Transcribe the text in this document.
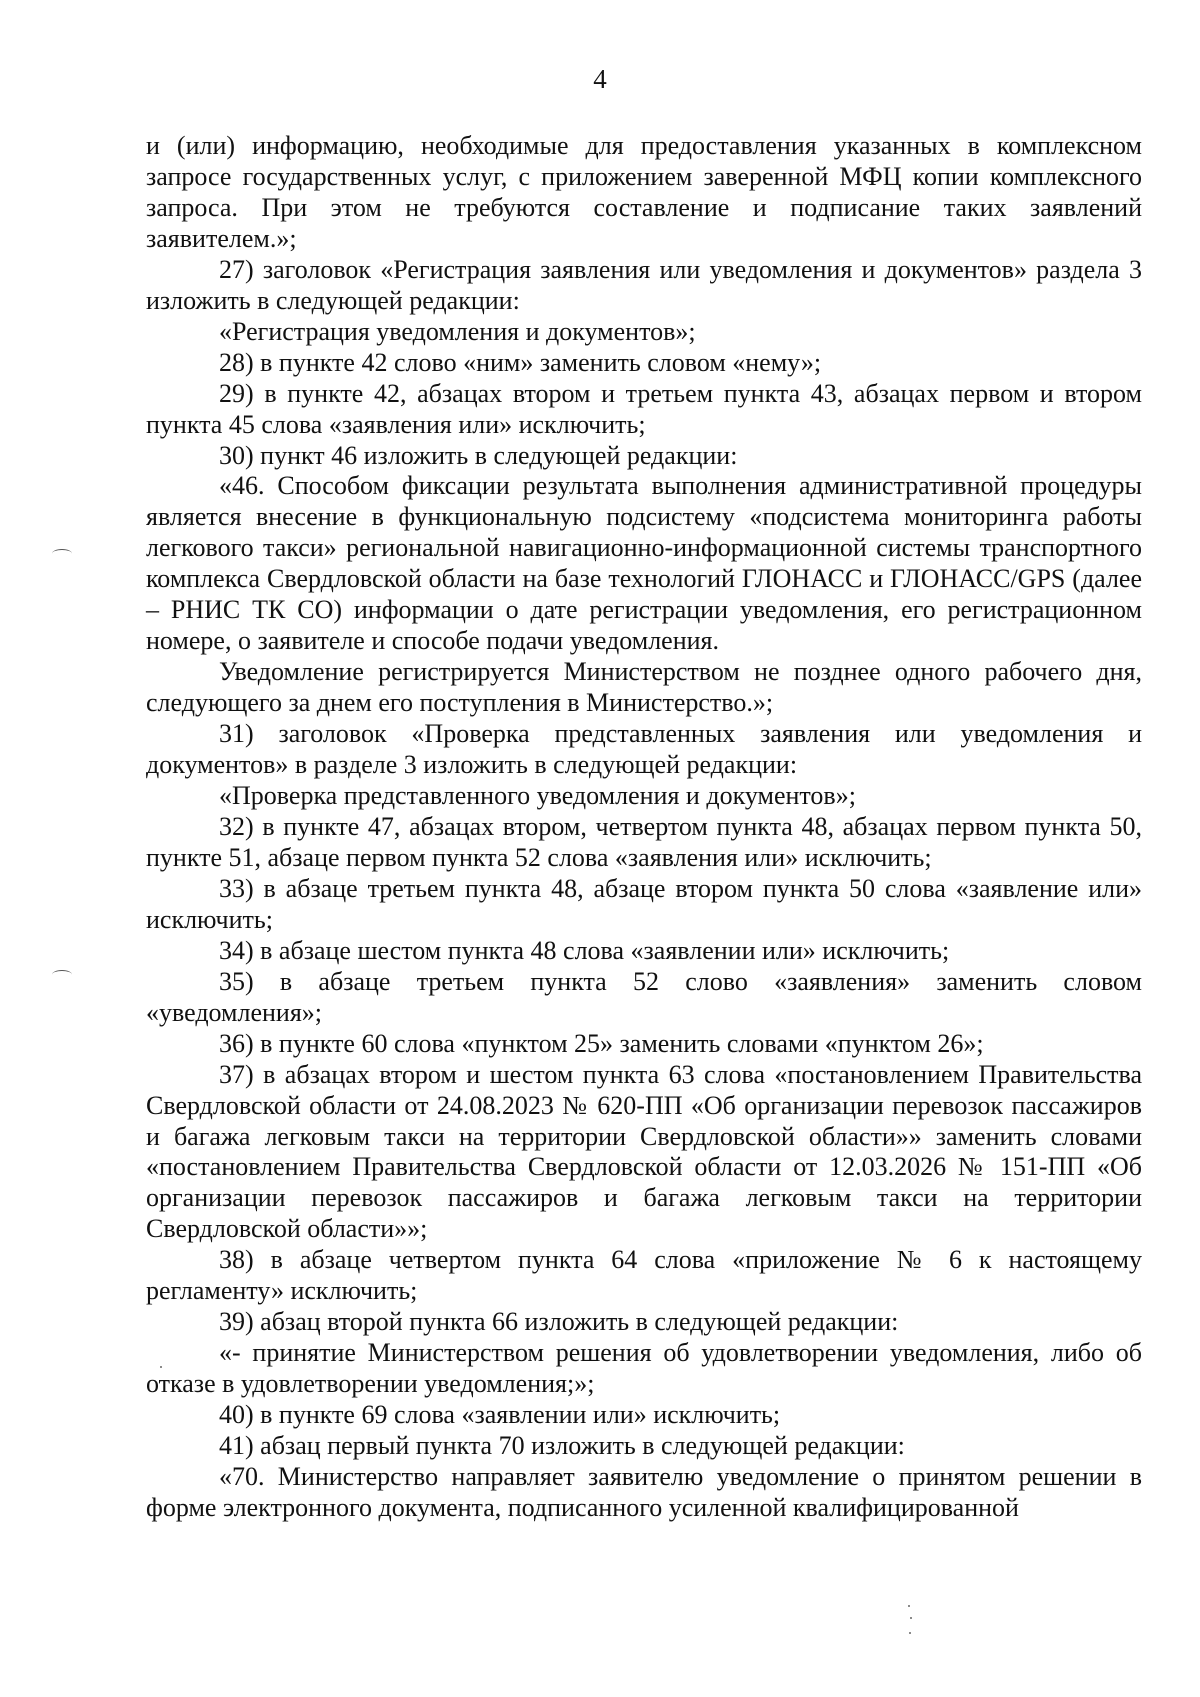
4

и (или) информацию, необходимые для предоставления указанных в комплексном запросе государственных услуг, с приложением заверенной МФЦ копии комплексного запроса. При этом не требуются составление и подписание таких заявлений заявителем.»;

27) заголовок «Регистрация заявления или уведомления и документов» раздела 3 изложить в следующей редакции:

«Регистрация уведомления и документов»;

28) в пункте 42 слово «ним» заменить словом «нему»;

29) в пункте 42, абзацах втором и третьем пункта 43, абзацах первом и втором пункта 45 слова «заявления или» исключить;

30) пункт 46 изложить в следующей редакции:

«46. Способом фиксации результата выполнения административной процедуры является внесение в функциональную подсистему «подсистема мониторинга работы легкового такси» региональной навигационно-информационной системы транспортного комплекса Свердловской области на базе технологий ГЛОНАСС и ГЛОНАСС/GPS (далее – РНИС ТК СО) информации о дате регистрации уведомления, его регистрационном номере, о заявителе и способе подачи уведомления.

Уведомление регистрируется Министерством не позднее одного рабочего дня, следующего за днем его поступления в Министерство.»;

31) заголовок «Проверка представленных заявления или уведомления и документов» в разделе 3 изложить в следующей редакции:

«Проверка представленного уведомления и документов»;

32) в пункте 47, абзацах втором, четвертом пункта 48, абзацах первом пункта 50, пункте 51, абзаце первом пункта 52 слова «заявления или» исключить;

33) в абзаце третьем пункта 48, абзаце втором пункта 50 слова «заявление или» исключить;

34) в абзаце шестом пункта 48 слова «заявлении или» исключить;

35) в абзаце третьем пункта 52 слово «заявления» заменить словом «уведомления»;

36) в пункте 60 слова «пунктом 25» заменить словами «пунктом 26»;

37) в абзацах втором и шестом пункта 63 слова «постановлением Правительства Свердловской области от 24.08.2023 № 620-ПП «Об организации перевозок пассажиров и багажа легковым такси на территории Свердловской области»» заменить словами «постановлением Правительства Свердловской области от 12.03.2026 № 151-ПП «Об организации перевозок пассажиров и багажа легковым такси на территории Свердловской области»»;

38) в абзаце четвертом пункта 64 слова «приложение № 6 к настоящему регламенту» исключить;

39) абзац второй пункта 66 изложить в следующей редакции:

«- принятие Министерством решения об удовлетворении уведомления, либо об отказе в удовлетворении уведомления;»;

40) в пункте 69 слова «заявлении или» исключить;

41) абзац первый пункта 70 изложить в следующей редакции:

«70. Министерство направляет заявителю уведомление о принятом решении в форме электронного документа, подписанного усиленной квалифицированной
